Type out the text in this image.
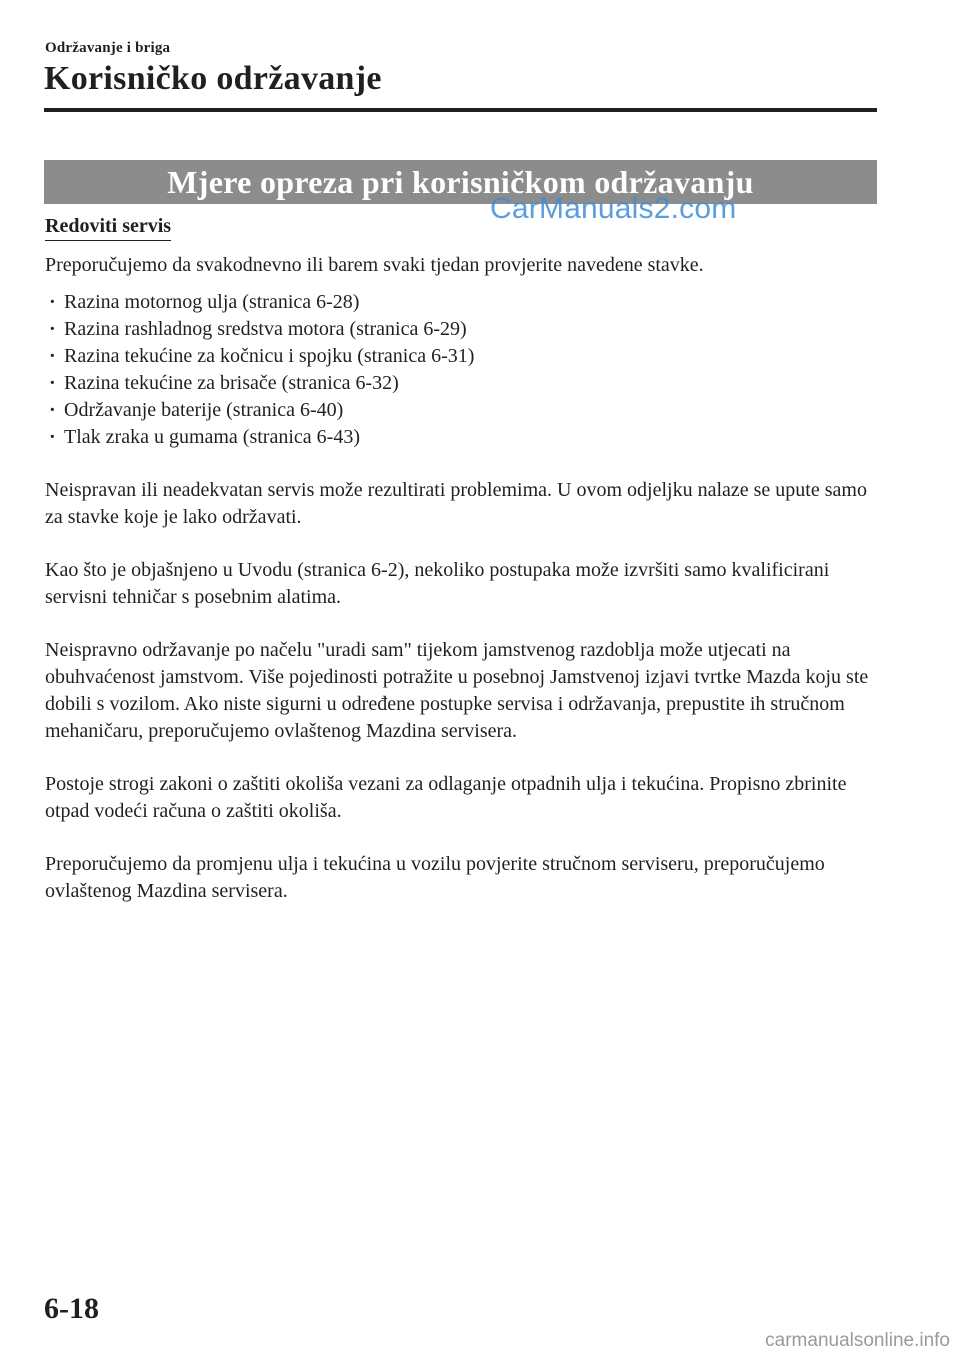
Održavanje i briga
Korisničko održavanje
Mjere opreza pri korisničkom održavanju
CarManuals2.com
Redoviti servis

Preporučujemo da svakodnevno ili barem svaki tjedan provjerite navedene stavke.

· Razina motornog ulja (stranica 6-28)
· Razina rashladnog sredstva motora (stranica 6-29)
· Razina tekućine za kočnicu i spojku (stranica 6-31)
· Razina tekućine za brisače (stranica 6-32)
· Održavanje baterije (stranica 6-40)
· Tlak zraka u gumama (stranica 6-43)

Neispravan ili neadekvatan servis može rezultirati problemima. U ovom odjeljku nalaze se upute samo za stavke koje je lako održavati.

Kao što je objašnjeno u Uvodu (stranica 6-2), nekoliko postupaka može izvršiti samo kvalificirani servisni tehničar s posebnim alatima.

Neispravno održavanje po načelu "uradi sam" tijekom jamstvenog razdoblja može utjecati na obuhvaćenost jamstvom. Više pojedinosti potražite u posebnoj Jamstvenoj izjavi tvrtke Mazda koju ste dobili s vozilom. Ako niste sigurni u određene postupke servisa i održavanja, prepustite ih stručnom mehaničaru, preporučujemo ovlaštenog Mazdina servisera.

Postoje strogi zakoni o zaštiti okoliša vezani za odlaganje otpadnih ulja i tekućina. Propisno zbrinite otpad vodeći računa o zaštiti okoliša.

Preporučujemo da promjenu ulja i tekućina u vozilu povjerite stručnom serviseru, preporučujemo ovlaštenog Mazdina servisera.

6-18
carmanualsonline.info
